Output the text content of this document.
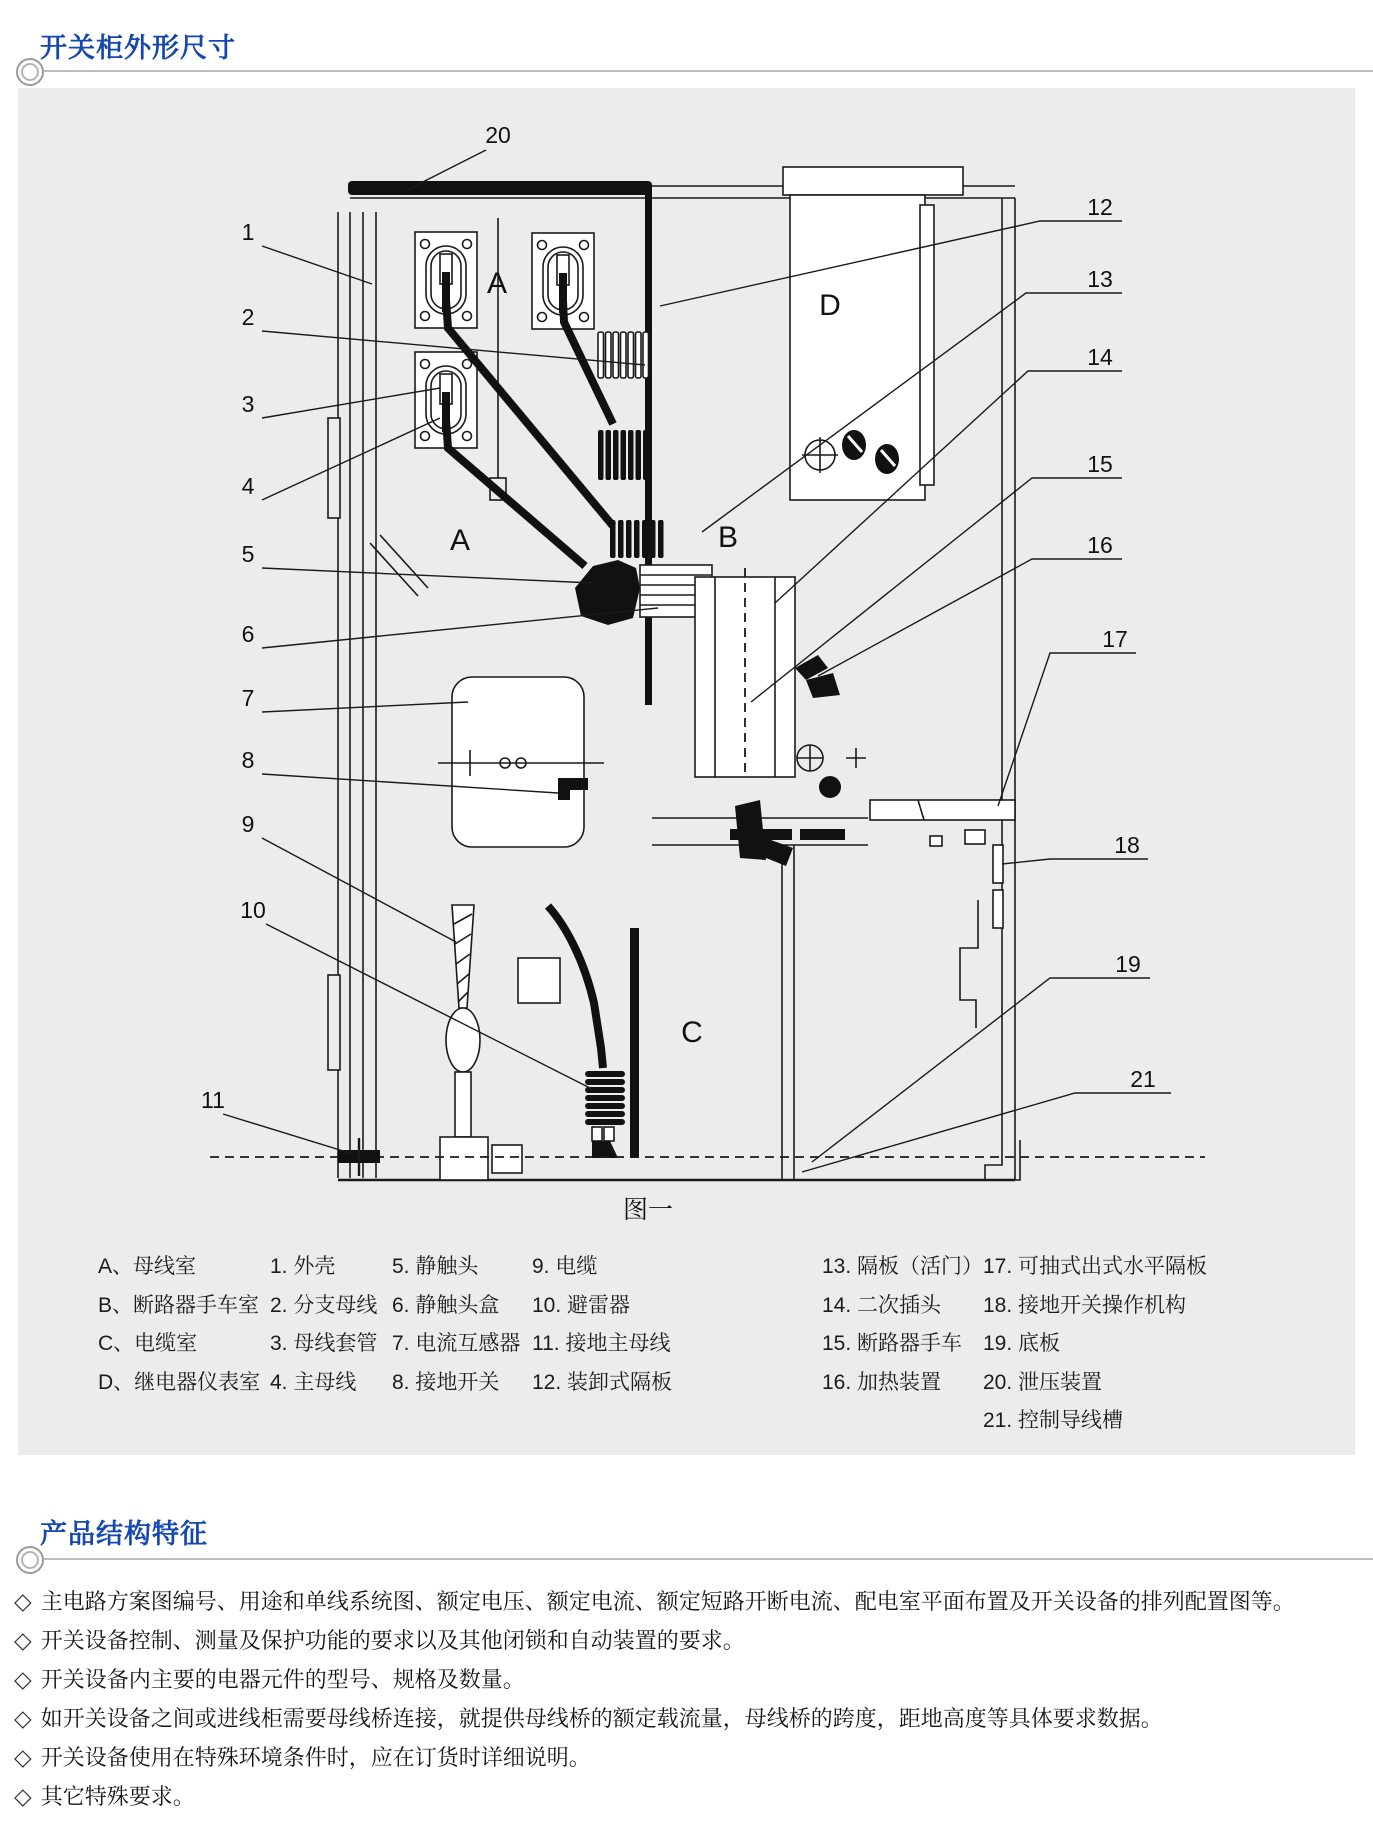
开关柜外形尺寸
A
A	B
C
D
20
1
2
3
4
5
6
7
8
9
10
11
12
13
14
15
16
17
18
19
21
图一
A、母线室
B、断路器手车室
C、电缆室
D、继电器仪表室
1. 外壳
2. 分支母线
3. 母线套管
4. 主母线
5. 静触头
6. 静触头盒
7. 电流互感器
8. 接地开关
9. 电缆
10. 避雷器
11. 接地主母线
12. 装卸式隔板
13. 隔板（活门）
14. 二次插头
15. 断路器手车
16. 加热装置
17. 可抽式出式水平隔板
18. 接地开关操作机构
19. 底板
20. 泄压装置
21. 控制导线槽
产品结构特征
◇ 主电路方案图编号、用途和单线系统图、额定电压、额定电流、额定短路开断电流、配电室平面布置及开关设备的排列配置图等。
◇ 开关设备控制、测量及保护功能的要求以及其他闭锁和自动装置的要求。
◇ 开关设备内主要的电器元件的型号、规格及数量。
◇ 如开关设备之间或进线柜需要母线桥连接，就提供母线桥的额定载流量，母线桥的跨度，距地高度等具体要求数据。
◇ 开关设备使用在特殊环境条件时，应在订货时详细说明。
◇ 其它特殊要求。
